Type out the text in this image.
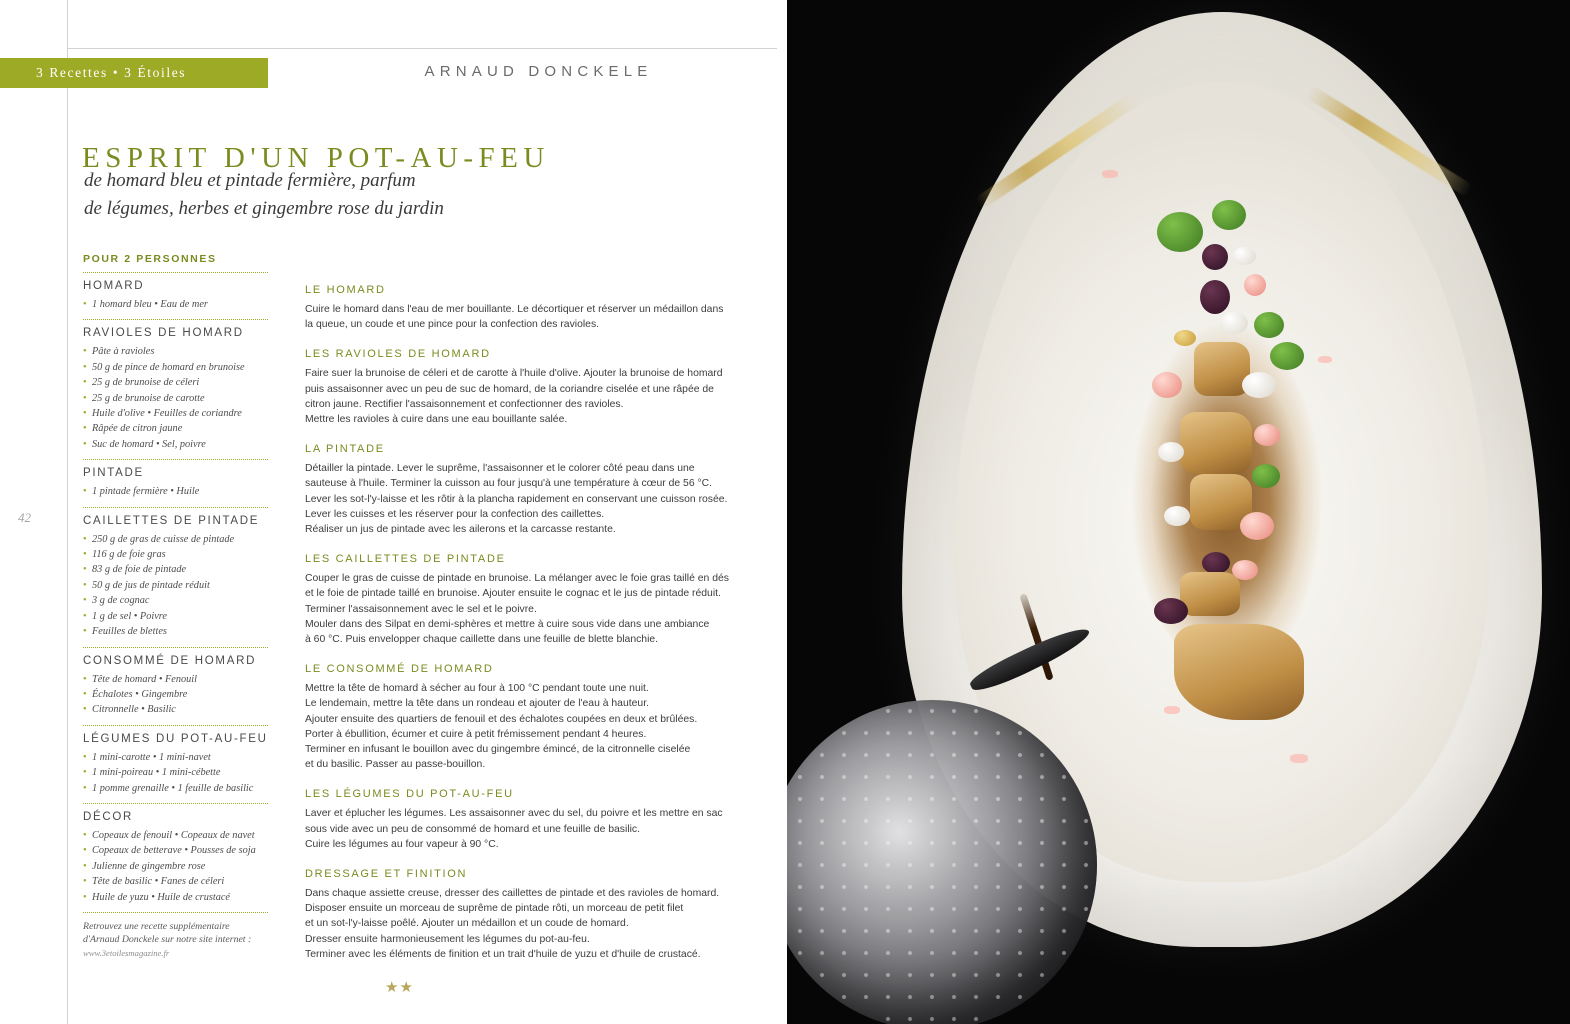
3 Recettes • 3 Étoiles	ARNAUD DONCKELE
42
ESPRIT D'UN POT-AU-FEU
de homard bleu et pintade fermière, parfum
de légumes, herbes et gingembre rose du jardin
POUR 2 PERSONNES
HOMARD
• 1 homard bleu • Eau de mer
RAVIOLES DE HOMARD
• Pâte à ravioles
• 50 g de pince de homard en brunoise
• 25 g de brunoise de céleri
• 25 g de brunoise de carotte
• Huile d'olive • Feuilles de coriandre
• Râpée de citron jaune
• Suc de homard • Sel, poivre
PINTADE
• 1 pintade fermière • Huile
CAILLETTES DE PINTADE
• 250 g de gras de cuisse de pintade
• 116 g de foie gras
• 83 g de foie de pintade
• 50 g de jus de pintade réduit
• 3 g de cognac
• 1 g de sel • Poivre
• Feuilles de blettes
CONSOMMÉ DE HOMARD
• Tête de homard • Fenouil
• Échalotes • Gingembre
• Citronnelle • Basilic
LÉGUMES DU POT-AU-FEU
• 1 mini-carotte • 1 mini-navet
• 1 mini-poireau • 1 mini-cébette
• 1 pomme grenaille • 1 feuille de basilic
DÉCOR
• Copeaux de fenouil • Copeaux de navet
• Copeaux de betterave • Pousses de soja
• Julienne de gingembre rose
• Tête de basilic • Fanes de céleri
• Huile de yuzu • Huile de crustacé
Retrouvez une recette supplémentaire
d'Arnaud Donckele sur notre site internet :
www.3etoilesmagazine.fr
LE HOMARD
Cuire le homard dans l'eau de mer bouillante. Le décortiquer et réserver un médaillon dans
la queue, un coude et une pince pour la confection des ravioles.
LES RAVIOLES DE HOMARD
Faire suer la brunoise de céleri et de carotte à l'huile d'olive. Ajouter la brunoise de homard
puis assaisonner avec un peu de suc de homard, de la coriandre ciselée et une râpée de
citron jaune. Rectifier l'assaisonnement et confectionner des ravioles.
Mettre les ravioles à cuire dans une eau bouillante salée.
LA PINTADE
Détailler la pintade. Lever le suprême, l'assaisonner et le colorer côté peau dans une
sauteuse à l'huile. Terminer la cuisson au four jusqu'à une température à cœur de 56 °C.
Lever les sot-l'y-laisse et les rôtir à la plancha rapidement en conservant une cuisson rosée.
Lever les cuisses et les réserver pour la confection des caillettes.
Réaliser un jus de pintade avec les ailerons et la carcasse restante.
LES CAILLETTES DE PINTADE
Couper le gras de cuisse de pintade en brunoise. La mélanger avec le foie gras taillé en dés
et le foie de pintade taillé en brunoise. Ajouter ensuite le cognac et le jus de pintade réduit.
Terminer l'assaisonnement avec le sel et le poivre.
Mouler dans des Silpat en demi-sphères et mettre à cuire sous vide dans une ambiance
à 60 °C. Puis envelopper chaque caillette dans une feuille de blette blanchie.
LE CONSOMMÉ DE HOMARD
Mettre la tête de homard à sécher au four à 100 °C pendant toute une nuit.
Le lendemain, mettre la tête dans un rondeau et ajouter de l'eau à hauteur.
Ajouter ensuite des quartiers de fenouil et des échalotes coupées en deux et brûlées.
Porter à ébullition, écumer et cuire à petit frémissement pendant 4 heures.
Terminer en infusant le bouillon avec du gingembre émincé, de la citronnelle ciselée
et du basilic. Passer au passe-bouillon.
LES LÉGUMES DU POT-AU-FEU
Laver et éplucher les légumes. Les assaisonner avec du sel, du poivre et les mettre en sac
sous vide avec un peu de consommé de homard et une feuille de basilic.
Cuire les légumes au four vapeur à 90 °C.
DRESSAGE ET FINITION
Dans chaque assiette creuse, dresser des caillettes de pintade et des ravioles de homard.
Disposer ensuite un morceau de suprême de pintade rôti, un morceau de petit filet
et un sot-l'y-laisse poêlé. Ajouter un médaillon et un coude de homard.
Dresser ensuite harmonieusement les légumes du pot-au-feu.
Terminer avec les éléments de finition et un trait d'huile de yuzu et d'huile de crustacé.
★★
